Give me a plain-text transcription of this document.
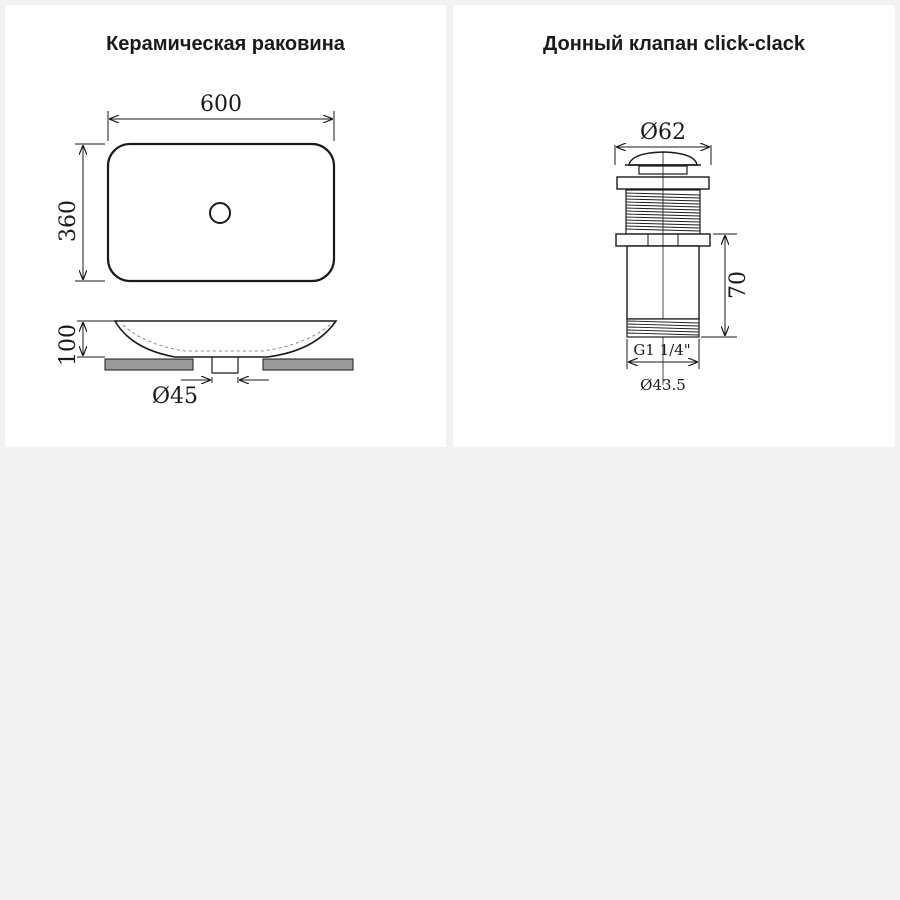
Керамическая раковина
600
360
100
Ø45
Донный клапан click-clack
Ø62
70
G1 1/4"
Ø43.5
